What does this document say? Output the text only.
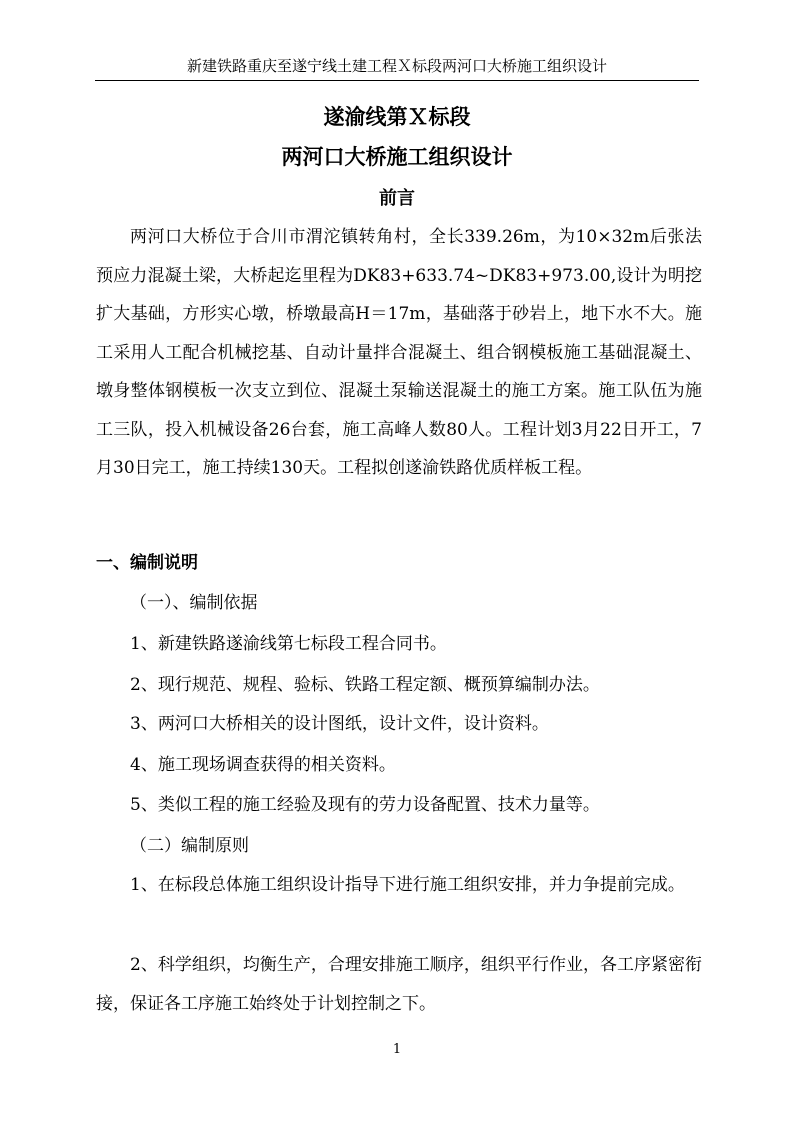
新建铁路重庆至遂宁线土建工程Ｘ标段两河口大桥施工组织设计
遂渝线第Ｘ标段
两河口大桥施工组织设计
前言
两河口大桥位于合川市渭沱镇转角村，全长339.26m，为10×32m后张法预应力混凝土梁，大桥起迄里程为DK83+633.74~DK83+973.00,设计为明挖扩大基础，方形实心墩，桥墩最高H＝17m，基础落于砂岩上，地下水不大。施工采用人工配合机械挖基、自动计量拌合混凝土、组合钢模板施工基础混凝土、墩身整体钢模板一次支立到位、混凝土泵输送混凝土的施工方案。施工队伍为施工三队，投入机械设备26台套，施工高峰人数80人。工程计划3月22日开工，7月30日完工，施工持续130天。工程拟创遂渝铁路优质样板工程。
一、编制说明
（一）、编制依据
1、新建铁路遂渝线第七标段工程合同书。
2、现行规范、规程、验标、铁路工程定额、概预算编制办法。
3、两河口大桥相关的设计图纸，设计文件，设计资料。
4、施工现场调查获得的相关资料。
5、类似工程的施工经验及现有的劳力设备配置、技术力量等。
（二）编制原则
1、在标段总体施工组织设计指导下进行施工组织安排，并力争提前完成。
2、科学组织，均衡生产，合理安排施工顺序，组织平行作业，各工序紧密衔接，保证各工序施工始终处于计划控制之下。
1
